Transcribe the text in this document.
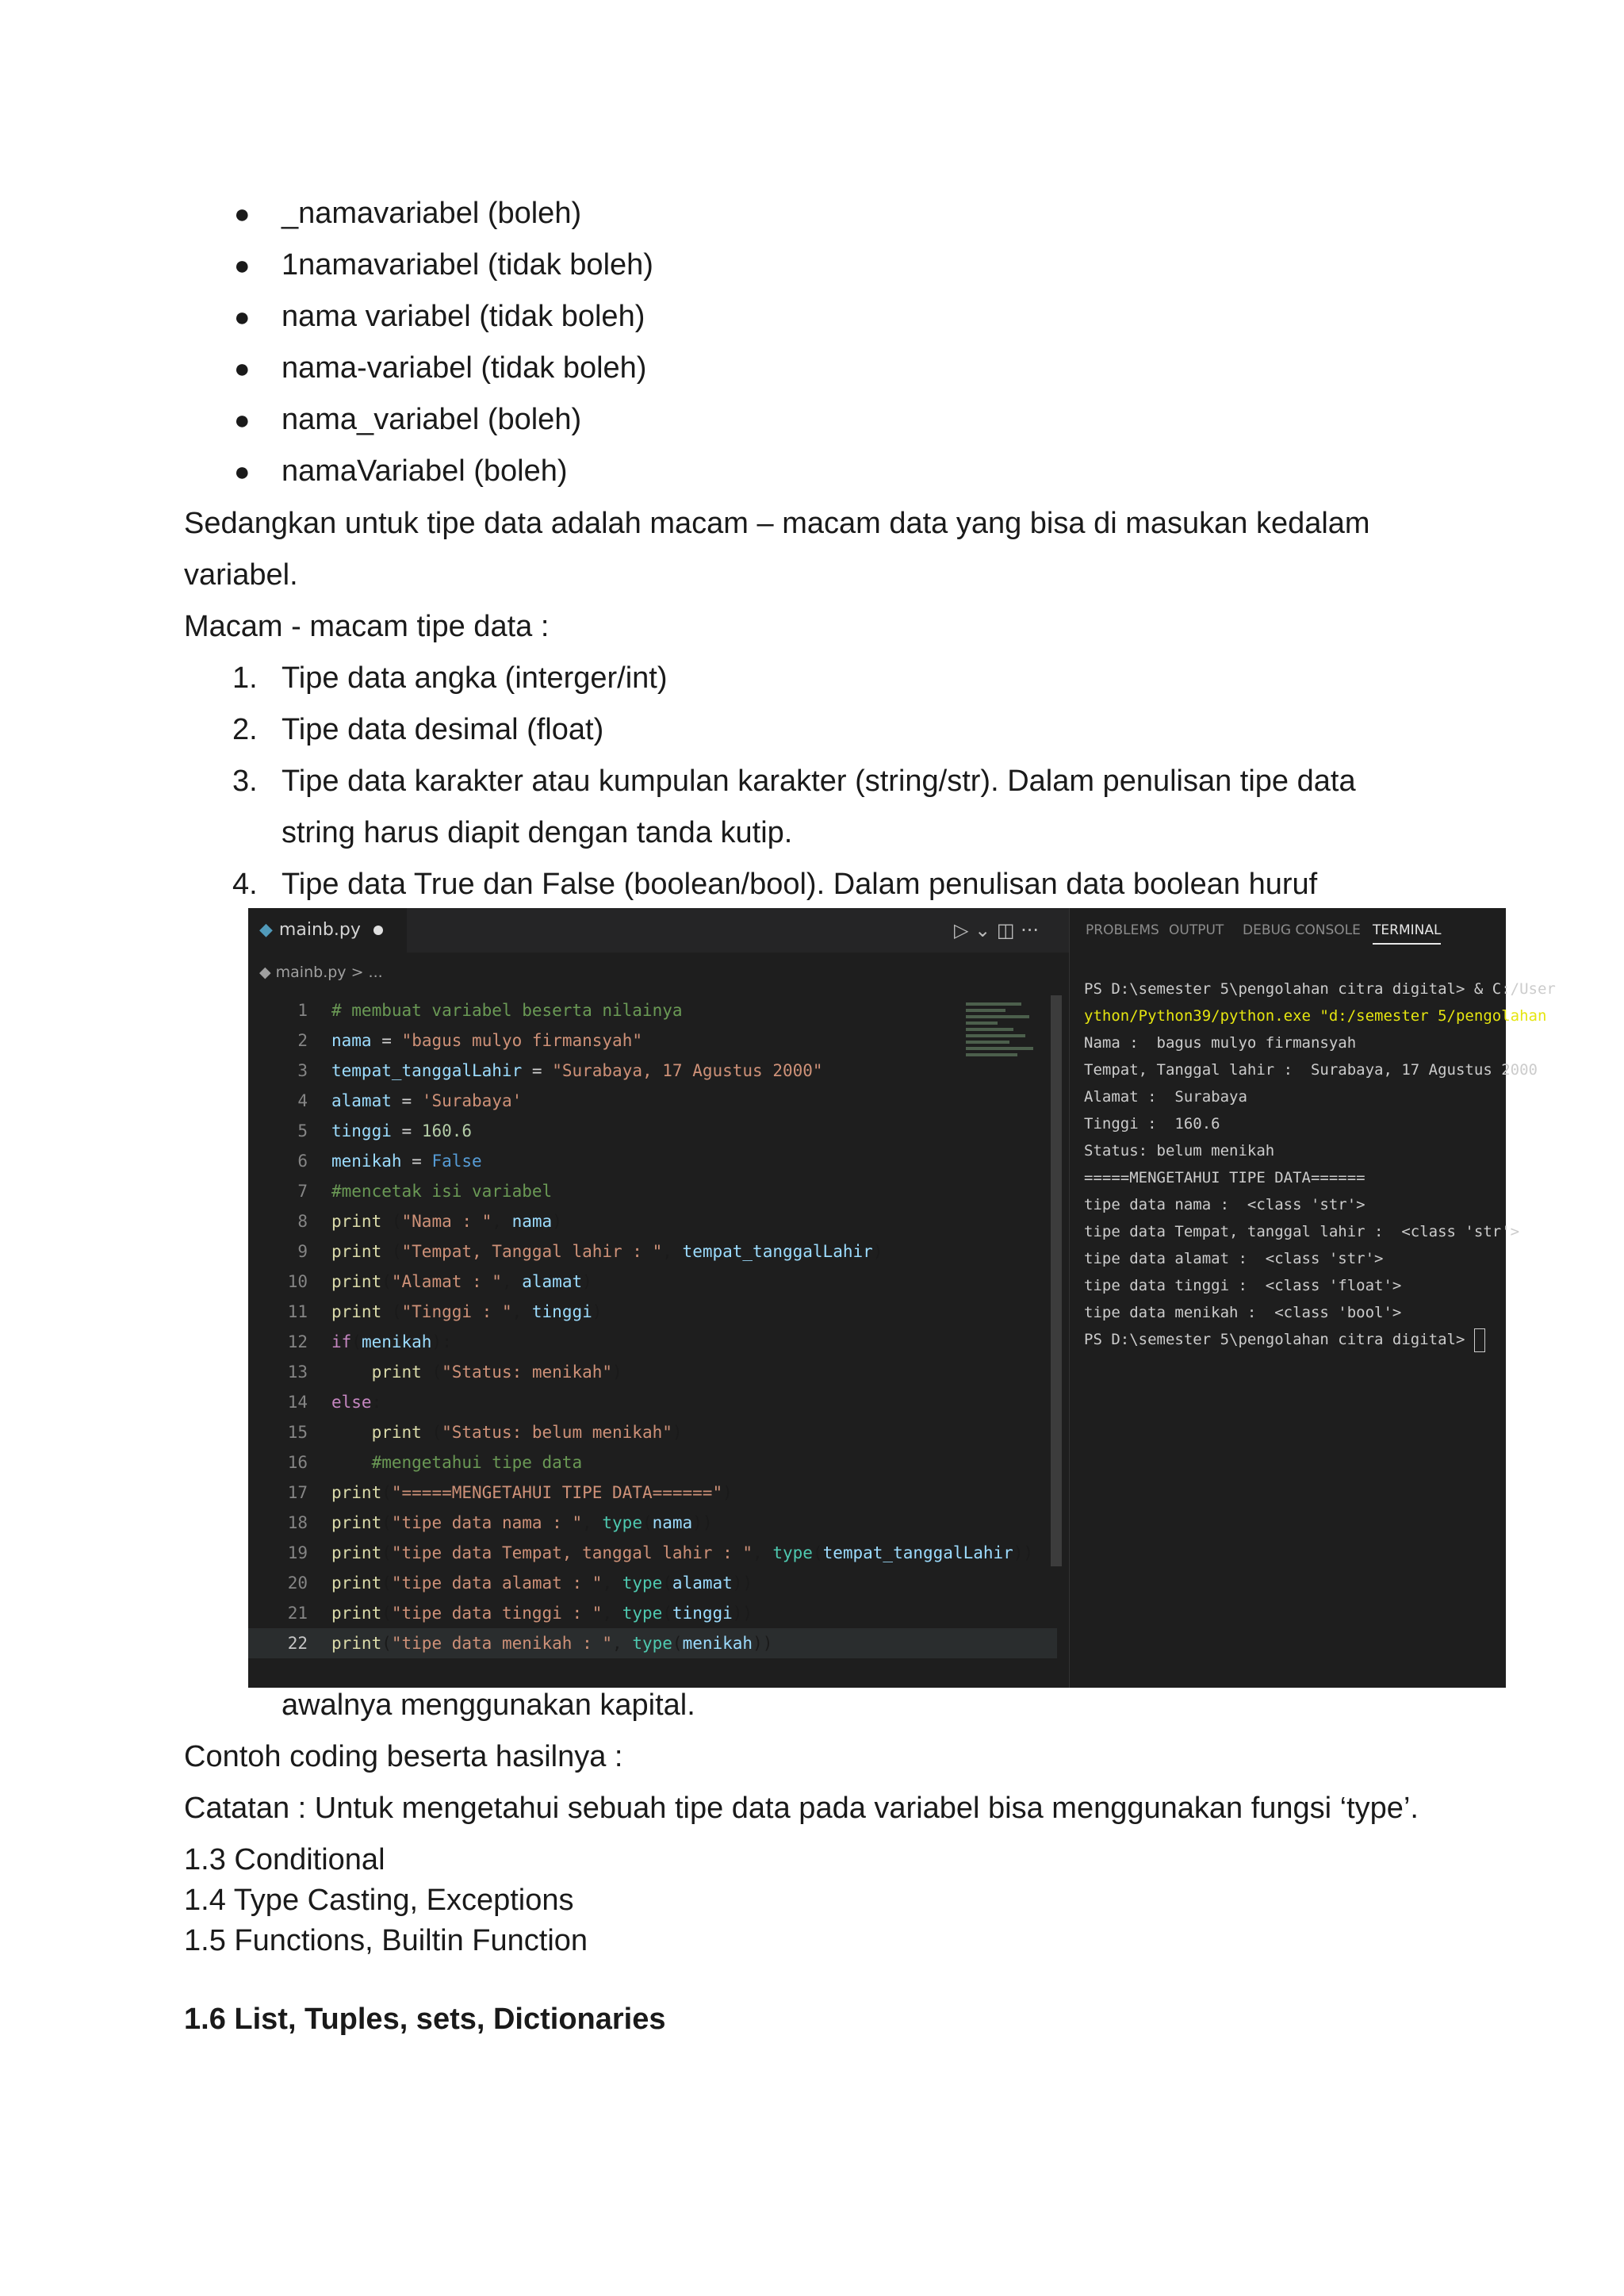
● _namavariabel (boleh)
● 1namavariabel (tidak boleh)
● nama variabel (tidak boleh)
● nama-variabel (tidak boleh)
● nama_variabel (boleh)
● namaVariabel (boleh)
Sedangkan untuk tipe data adalah macam – macam data yang bisa di masukan kedalam
variabel.
Macam - macam tipe data :
1. Tipe data angka (interger/int)
2. Tipe data desimal (float)
3. Tipe data karakter atau kumpulan karakter (string/str). Dalam penulisan tipe data
string harus diapit dengan tanda kutip.
4. Tipe data True dan False (boolean/bool). Dalam penulisan data boolean huruf
◆ mainb.py	▷ ⌄ ◫ ···
◆ mainb.py > ...
1 # membuat variabel beserta nilainya
2 nama = "bagus mulyo firmansyah"
3 tempat_tanggalLahir = "Surabaya, 17 Agustus 2000"
4 alamat = 'Surabaya'
5 tinggi = 160.6
6 menikah = False
7 #mencetak isi variabel
8 print ("Nama : ", nama)
9 print ("Tempat, Tanggal lahir : ", tempat_tanggalLahir)
10 print("Alamat : ", alamat)
11 print ("Tinggi : ", tinggi)
12 if(menikah):
13	print ("Status: menikah")
14 else:
15	print ("Status: belum menikah")
16	#mengetahui tipe data
17 print("=====MENGETAHUI TIPE DATA======")
18 print("tipe data nama : ", type(nama))
19 print("tipe data Tempat, tanggal lahir : ", type(tempat_tanggalLahir))
20 print("tipe data alamat : ", type(alamat))
21 print("tipe data tinggi : ", type(tinggi))
22 print("tipe data menikah : ", type(menikah))
PROBLEMS OUTPUT DEBUG CONSOLE TERMINAL
PS D:\semester 5\pengolahan citra digital> & C:/User
ython/Python39/python.exe "d:/semester 5/pengolahan
Nama :  bagus mulyo firmansyah
Tempat, Tanggal lahir :  Surabaya, 17 Agustus 2000
Alamat :  Surabaya
Tinggi :  160.6
Status: belum menikah
=====MENGETAHUI TIPE DATA======
tipe data nama :  <class 'str'>
tipe data Tempat, tanggal lahir :  <class 'str'>
tipe data alamat :  <class 'str'>
tipe data tinggi :  <class 'float'>
tipe data menikah :  <class 'bool'>
PS D:\semester 5\pengolahan citra digital>
awalnya menggunakan kapital.
Contoh coding beserta hasilnya :
Catatan : Untuk mengetahui sebuah tipe data pada variabel bisa menggunakan fungsi ‘type’.
1.3 Conditional
1.4 Type Casting, Exceptions
1.5 Functions, Builtin Function
1.6 List, Tuples, sets, Dictionaries
